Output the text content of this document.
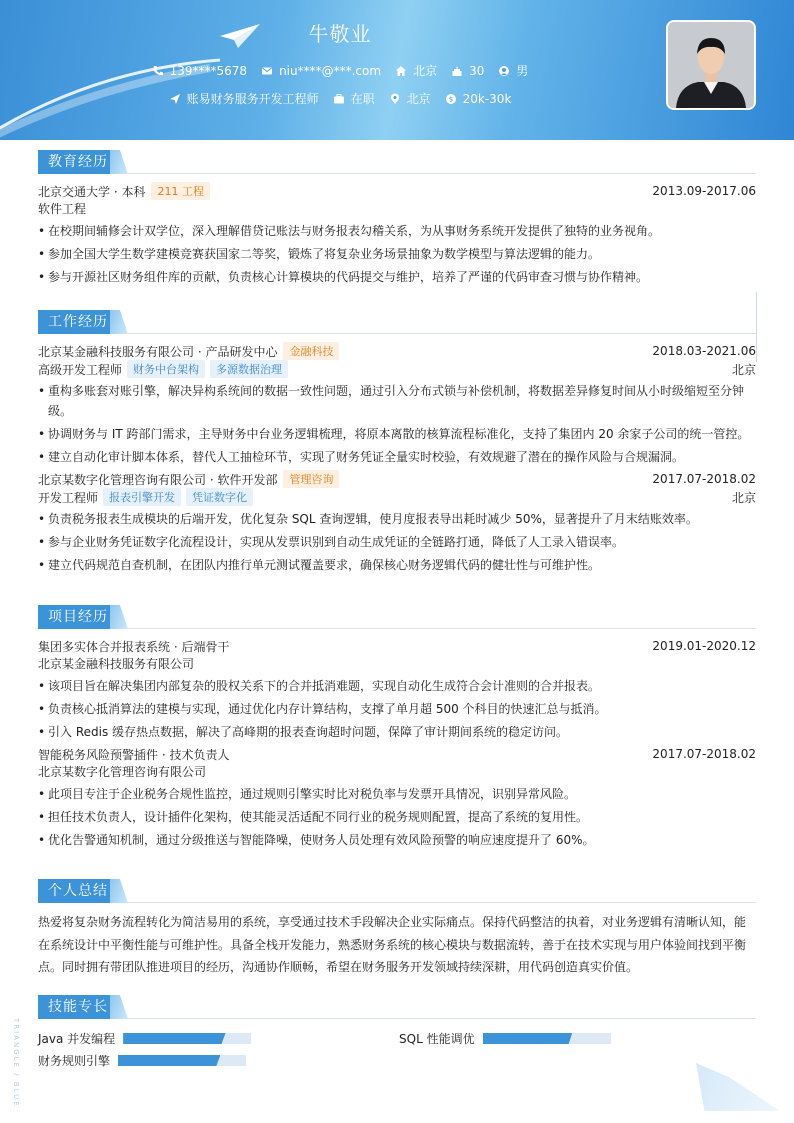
牛敬业
139****5678	niu****@***.com	北京	30	男
账易财务服务开发工程师	在职	北京	$ 20k-30k
教育经历
北京交通大学 · 本科	211 工程	2013.09-2017.06
软件工程
• 在校期间辅修会计双学位，深入理解借贷记账法与财务报表勾稽关系，为从事财务系统开发提供了独特的业务视角。
• 参加全国大学生数学建模竞赛获国家二等奖，锻炼了将复杂业务场景抽象为数学模型与算法逻辑的能力。
• 参与开源社区财务组件库的贡献，负责核心计算模块的代码提交与维护，培养了严谨的代码审查习惯与协作精神。
工作经历
北京某金融科技服务有限公司 · 产品研发中心	金融科技	2018.03-2021.06
高级开发工程师	财务中台架构	多源数据治理	北京
• 重构多账套对账引擎，解决异构系统间的数据一致性问题，通过引入分布式锁与补偿机制，将数据差异修复时间从小时级缩短至分钟级。
• 协调财务与 IT 跨部门需求，主导财务中台业务逻辑梳理，将原本离散的核算流程标准化，支持了集团内 20 余家子公司的统一管控。
• 建立自动化审计脚本体系，替代人工抽检环节，实现了财务凭证全量实时校验，有效规避了潜在的操作风险与合规漏洞。
北京某数字化管理咨询有限公司 · 软件开发部	管理咨询	2017.07-2018.02
开发工程师	报表引擎开发	凭证数字化	北京
• 负责税务报表生成模块的后端开发，优化复杂 SQL 查询逻辑，使月度报表导出耗时减少 50%，显著提升了月末结账效率。
• 参与企业财务凭证数字化流程设计，实现从发票识别到自动生成凭证的全链路打通，降低了人工录入错误率。
• 建立代码规范自查机制，在团队内推行单元测试覆盖要求，确保核心财务逻辑代码的健壮性与可维护性。
项目经历
集团多实体合并报表系统 · 后端骨干	2019.01-2020.12
北京某金融科技服务有限公司
• 该项目旨在解决集团内部复杂的股权关系下的合并抵消难题，实现自动化生成符合会计准则的合并报表。
• 负责核心抵消算法的建模与实现，通过优化内存计算结构，支撑了单月超 500 个科目的快速汇总与抵消。
• 引入 Redis 缓存热点数据，解决了高峰期的报表查询超时问题，保障了审计期间系统的稳定访问。
智能税务风险预警插件 · 技术负责人	2017.07-2018.02
北京某数字化管理咨询有限公司
• 此项目专注于企业税务合规性监控，通过规则引擎实时比对税负率与发票开具情况，识别异常风险。
• 担任技术负责人，设计插件化架构，使其能灵活适配不同行业的税务规则配置，提高了系统的复用性。
• 优化告警通知机制，通过分级推送与智能降噪，使财务人员处理有效风险预警的响应速度提升了 60%。
个人总结
热爱将复杂财务流程转化为简洁易用的系统，享受通过技术手段解决企业实际痛点。保持代码整洁的执着，对业务逻辑有清晰认知，能
在系统设计中平衡性能与可维护性。具备全栈开发能力，熟悉财务系统的核心模块与数据流转，善于在技术实现与用户体验间找到平衡
点。同时拥有带团队推进项目的经历，沟通协作顺畅，希望在财务服务开发领域持续深耕，用代码创造真实价值。
技能专长
Java 并发编程	SQL 性能调优
财务规则引擎
TRIANGLE / BLUE
